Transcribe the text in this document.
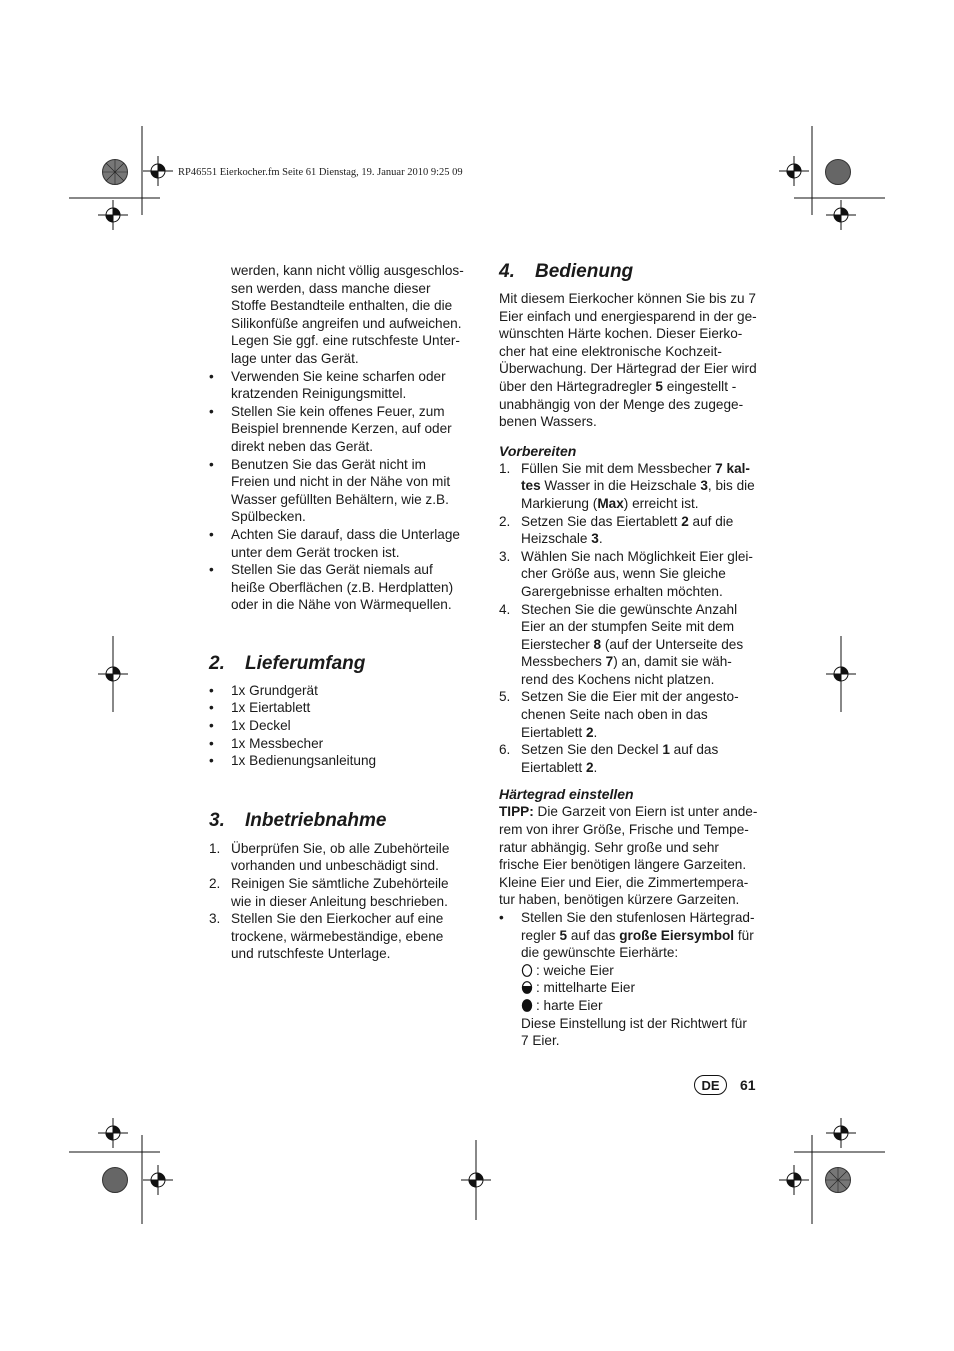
RP46551 Eierkocher.fm Seite 61 Dienstag, 19. Januar 2010 9:25 09
werden, kann nicht völlig ausgeschlos-
sen werden, dass manche dieser
Stoffe Bestandteile enthalten, die die
Silikonfüße angreifen und aufweichen.
Legen Sie ggf. eine rutschfeste Unter-
lage unter das Gerät.
• Verwenden Sie keine scharfen oder
kratzenden Reinigungsmittel.
• Stellen Sie kein offenes Feuer, zum
Beispiel brennende Kerzen, auf oder
direkt neben das Gerät.
• Benutzen Sie das Gerät nicht im
Freien und nicht in der Nähe von mit
Wasser gefüllten Behältern, wie z.B.
Spülbecken.
• Achten Sie darauf, dass die Unterlage
unter dem Gerät trocken ist.
• Stellen Sie das Gerät niemals auf
heiße Oberflächen (z.B. Herdplatten)
oder in die Nähe von Wärmequellen.
2. Lieferumfang
• 1x Grundgerät
• 1x Eiertablett
• 1x Deckel
• 1x Messbecher
• 1x Bedienungsanleitung
3. Inbetriebnahme
1. Überprüfen Sie, ob alle Zubehörteile
vorhanden und unbeschädigt sind.
2. Reinigen Sie sämtliche Zubehörteile
wie in dieser Anleitung beschrieben.
3. Stellen Sie den Eierkocher auf eine
trockene, wärmebeständige, ebene
und rutschfeste Unterlage.
4. Bedienung
Mit diesem Eierkocher können Sie bis zu 7
Eier einfach und energiesparend in der ge-
wünschten Härte kochen. Dieser Eierko-
cher hat eine elektronische Kochzeit-
Überwachung. Der Härtegrad der Eier wird
über den Härtegradregler 5 eingestellt -
unabhängig von der Menge des zugege-
benen Wassers.
Vorbereiten
1. Füllen Sie mit dem Messbecher 7 kal-
tes Wasser in die Heizschale 3, bis die
Markierung (Max) erreicht ist.
2. Setzen Sie das Eiertablett 2 auf die
Heizschale 3.
3. Wählen Sie nach Möglichkeit Eier glei-
cher Größe aus, wenn Sie gleiche
Garergebnisse erhalten möchten.
4. Stechen Sie die gewünschte Anzahl
Eier an der stumpfen Seite mit dem
Eierstecher 8 (auf der Unterseite des
Messbechers 7) an, damit sie wäh-
rend des Kochens nicht platzen.
5. Setzen Sie die Eier mit der angesto-
chenen Seite nach oben in das
Eiertablett 2.
6. Setzen Sie den Deckel 1 auf das
Eiertablett 2.
Härtegrad einstellen
TIPP: Die Garzeit von Eiern ist unter ande-
rem von ihrer Größe, Frische und Tempe-
ratur abhängig. Sehr große und sehr
frische Eier benötigen längere Garzeiten.
Kleine Eier und Eier, die Zimmertempera-
tur haben, benötigen kürzere Garzeiten.
• Stellen Sie den stufenlosen Härtegrad-
regler 5 auf das große Eiersymbol für
die gewünschte Eierhärte:
: weiche Eier
: mittelharte Eier
: harte Eier
Diese Einstellung ist der Richtwert für
7 Eier.
DE	61
